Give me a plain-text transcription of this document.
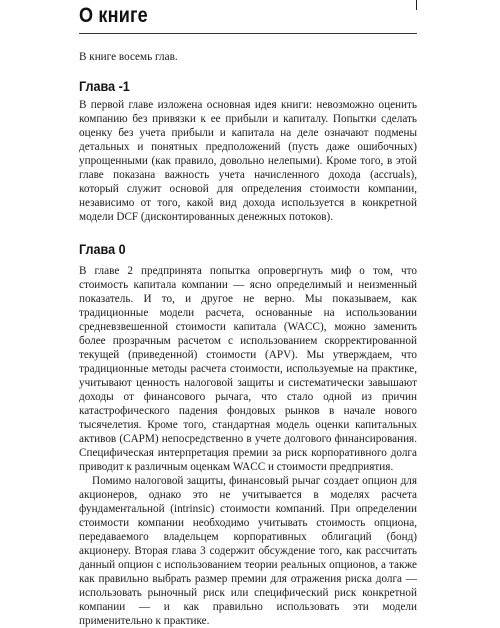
О книге

В книге восемь глав.

Глава -1

В первой главе изложена основная идея книги: невозможно оценить компанию без привязки к ее прибыли и капиталу. Попытки сделать оценку без учета прибыли и капитала на деле означают подмены детальных и понятных предположений (пусть даже ошибочных) упрощенными (как правило, довольно нелепыми). Кроме того, в этой главе показана важность учета начисленного дохода (accruals), который служит основой для определения стоимости компании, независимо от того, какой вид дохода используется в конкретной модели DCF (дисконтированных денежных потоков).

Глава 0

В главе 2 предпринята попытка опровергнуть миф о том, что стоимость капитала компании — ясно определимый и неизменный показатель. И то, и другое не верно. Мы показываем, как традиционные модели расчета, основанные на использовании средневзвешенной стоимости капитала (WACC), можно заменить более прозрачным расчетом с использованием скорректированной текущей (приведенной) стоимости (APV). Мы утверждаем, что традиционные методы расчета стоимости, используемые на практике, учитывают ценность налоговой защиты и систематически завышают доходы от финансового рычага, что стало одной из причин катастрофического падения фондовых рынков в начале нового тысячелетия. Кроме того, стандартная модель оценки капитальных активов (CAPM) непосредственно в учете долгового финансирования. Специфическая интерпретация премии за риск корпоративного долга приводит к различным оценкам WACC и стоимости предприятия.

Помимо налоговой защиты, финансовый рычаг создает опцион для акционеров, однако это не учитывается в моделях расчета фундаментальной (intrinsic) стоимости компаний. При определении стоимости компании необходимо учитывать стоимость опциона, передаваемого владельцем корпоративных облигаций (бонд) акционеру. Вторая глава 3 содержит обсуждение того, как рассчитать данный опцион с использованием теории реальных опционов, а также как правильно выбрать размер премии для отражения риска долга — использовать рыночный риск или специфический риск конкретной компании — и как правильно использовать эти модели применительно к практике.
